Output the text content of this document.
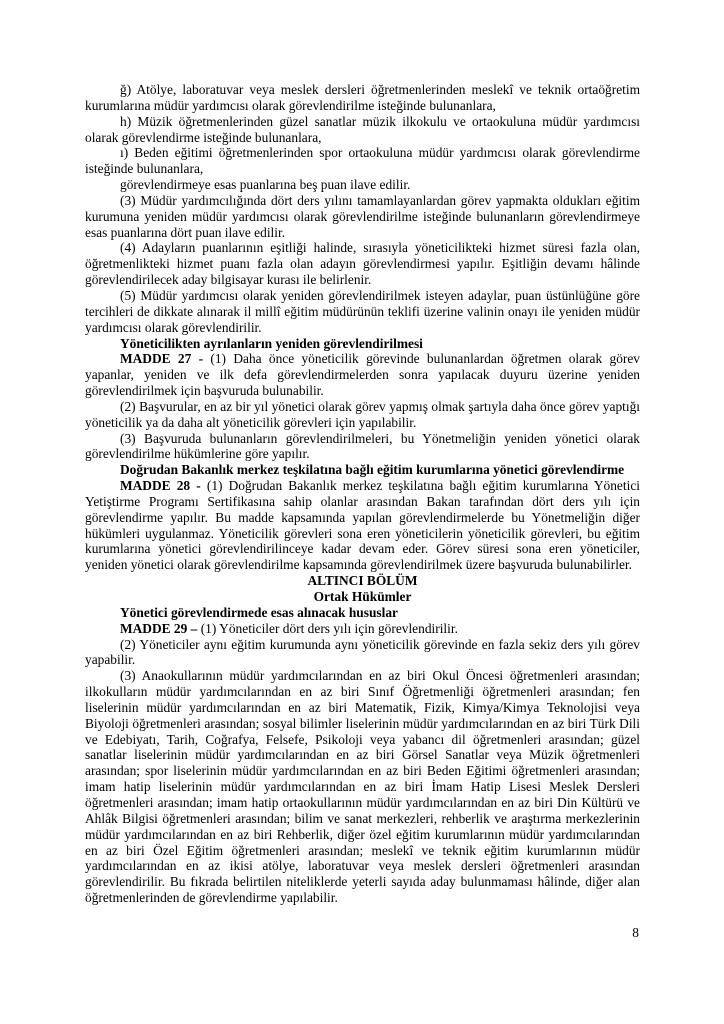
ğ) Atölye, laboratuvar veya meslek dersleri öğretmenlerinden meslekî ve teknik ortaöğretim kurumlarına müdür yardımcısı olarak görevlendirilme isteğinde bulunanlara,

h) Müzik öğretmenlerinden güzel sanatlar müzik ilkokulu ve ortaokuluna müdür yardımcısı olarak görevlendirme isteğinde bulunanlara,

ı) Beden eğitimi öğretmenlerinden spor ortaokuluna müdür yardımcısı olarak görevlendirme isteğinde bulunanlara,

görevlendirmeye esas puanlarına beş puan ilave edilir.

(3) Müdür yardımcılığında dört ders yılını tamamlayanlardan görev yapmakta oldukları eğitim kurumuna yeniden müdür yardımcısı olarak görevlendirilme isteğinde bulunanların görevlendirmeye esas puanlarına dört puan ilave edilir.

(4) Adayların puanlarının eşitliği halinde, sırasıyla yöneticilikteki hizmet süresi fazla olan, öğretmenlikteki hizmet puanı fazla olan adayın görevlendirmesi yapılır. Eşitliğin devamı hâlinde görevlendirilecek aday bilgisayar kurası ile belirlenir.

(5) Müdür yardımcısı olarak yeniden görevlendirilmek isteyen adaylar, puan üstünlüğüne göre tercihleri de dikkate alınarak il millî eğitim müdürünün teklifi üzerine valinin onayı ile yeniden müdür yardımcısı olarak görevlendirilir.

Yöneticilikten ayrılanların yeniden görevlendirilmesi

MADDE 27 - (1) Daha önce yöneticilik görevinde bulunanlardan öğretmen olarak görev yapanlar, yeniden ve ilk defa görevlendirmelerden sonra yapılacak duyuru üzerine yeniden görevlendirilmek için başvuruda bulunabilir.

(2) Başvurular, en az bir yıl yönetici olarak görev yapmış olmak şartıyla daha önce görev yaptığı yöneticilik ya da daha alt yöneticilik görevleri için yapılabilir.

(3) Başvuruda bulunanların görevlendirilmeleri, bu Yönetmeliğin yeniden yönetici olarak görevlendirilme hükümlerine göre yapılır.

Doğrudan Bakanlık merkez teşkilatına bağlı eğitim kurumlarına yönetici görevlendirme

MADDE 28 - (1) Doğrudan Bakanlık merkez teşkilatına bağlı eğitim kurumlarına Yönetici Yetiştirme Programı Sertifikasına sahip olanlar arasından Bakan tarafından dört ders yılı için görevlendirme yapılır. Bu madde kapsamında yapılan görevlendirmelerde bu Yönetmeliğin diğer hükümleri uygulanmaz. Yöneticilik görevleri sona eren yöneticilerin yöneticilik görevleri, bu eğitim kurumlarına yönetici görevlendirilinceye kadar devam eder. Görev süresi sona eren yöneticiler, yeniden yönetici olarak görevlendirilme kapsamında görevlendirilmek üzere başvuruda bulunabilirler.

ALTINCI BÖLÜM

Ortak Hükümler

Yönetici görevlendirmede esas alınacak hususlar

MADDE 29 – (1) Yöneticiler dört ders yılı için görevlendirilir.

(2) Yöneticiler aynı eğitim kurumunda aynı yöneticilik görevinde en fazla sekiz ders yılı görev yapabilir.

(3) Anaokullarının müdür yardımcılarından en az biri Okul Öncesi öğretmenleri arasından; ilkokulların müdür yardımcılarından en az biri Sınıf Öğretmenliği öğretmenleri arasından; fen liselerinin müdür yardımcılarından en az biri Matematik, Fizik, Kimya/Kimya Teknolojisi veya Biyoloji öğretmenleri arasından; sosyal bilimler liselerinin müdür yardımcılarından en az biri Türk Dili ve Edebiyatı, Tarih, Coğrafya, Felsefe, Psikoloji veya yabancı dil öğretmenleri arasından; güzel sanatlar liselerinin müdür yardımcılarından en az biri Görsel Sanatlar veya Müzik öğretmenleri arasından; spor liselerinin müdür yardımcılarından en az biri Beden Eğitimi öğretmenleri arasından; imam hatip liselerinin müdür yardımcılarından en az biri İmam Hatip Lisesi Meslek Dersleri öğretmenleri arasından; imam hatip ortaokullarının müdür yardımcılarından en az biri Din Kültürü ve Ahlâk Bilgisi öğretmenleri arasından; bilim ve sanat merkezleri, rehberlik ve araştırma merkezlerinin müdür yardımcılarından en az biri Rehberlik, diğer özel eğitim kurumlarının müdür yardımcılarından en az biri Özel Eğitim öğretmenleri arasından; meslekî ve teknik eğitim kurumlarının müdür yardımcılarından en az ikisi atölye, laboratuvar veya meslek dersleri öğretmenleri arasından görevlendirilir. Bu fıkrada belirtilen niteliklerde yeterli sayıda aday bulunmaması hâlinde, diğer alan öğretmenlerinden de görevlendirme yapılabilir.

8
